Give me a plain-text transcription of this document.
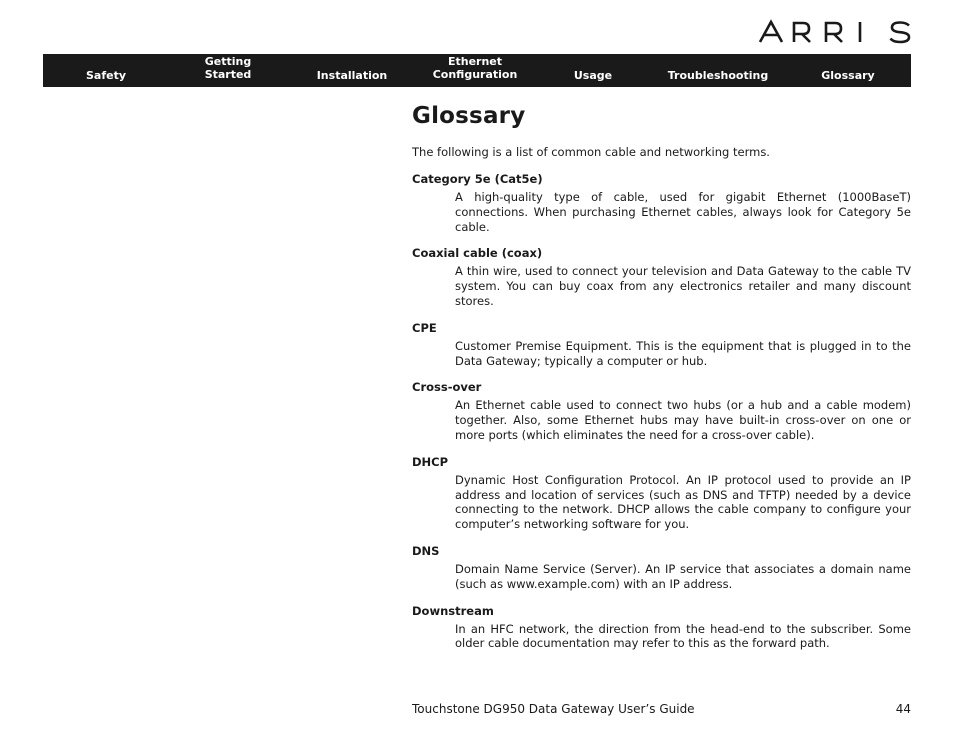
Safety
Getting
Started	Installation
Ethernet
Configuration	Usage	Troubleshooting	Glossary
Glossary

The following is a list of common cable and networking terms.

Category 5e (Cat5e)

A high-quality type of cable, used for gigabit Ethernet (1000BaseT) connections. When purchasing Ethernet cables, always look for Category 5e cable.

Coaxial cable (coax)

A thin wire, used to connect your television and Data Gateway to the cable TV system. You can buy coax from any electronics retailer and many discount stores.

CPE

Customer Premise Equipment. This is the equipment that is plugged in to the Data Gateway; typically a computer or hub.

Cross-over

An Ethernet cable used to connect two hubs (or a hub and a cable modem) together. Also, some Ethernet hubs may have built-in cross-over on one or more ports (which eliminates the need for a cross-over cable).

DHCP

Dynamic Host Configuration Protocol. An IP protocol used to provide an IP address and location of services (such as DNS and TFTP) needed by a device connecting to the network. DHCP allows the cable company to configure your computer’s networking software for you.

DNS

Domain Name Service (Server). An IP service that associates a domain name (such as www.example.com) with an IP address.

Downstream

In an HFC network, the direction from the head-end to the subscriber. Some older cable documentation may refer to this as the forward path.

Touchstone DG950 Data Gateway User’s Guide	44
